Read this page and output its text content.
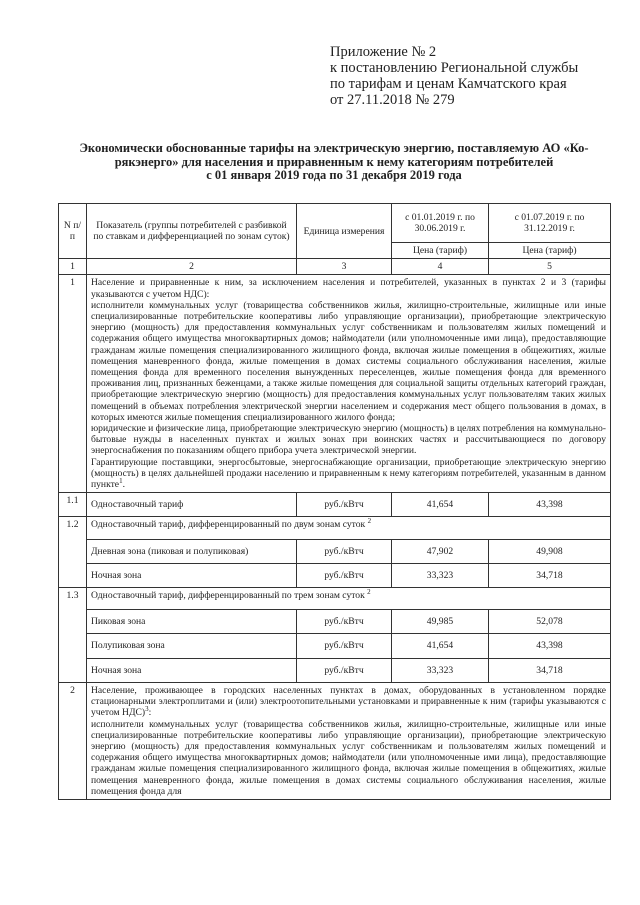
Приложение № 2
к постановлению Региональной службы
по тарифам и ценам Камчатского края
от 27.11.2018 № 279
Экономически обоснованные тарифы на электрическую энергию, поставляемую АО «Ко-
рякэнерго» для населения и приравненным к нему категориям потребителей
с 01 января 2019 года по 31 декабря 2019 года
N п/п	Показатель (группы потребителей с разбивкой по ставкам и дифференциацией по зонам суток)	Единица измерения	с 01.01.2019 г. по 30.06.2019 г.	с 01.07.2019 г. по 31.12.2019 г.
			Цена (тариф)	Цена (тариф)
1	2	3	4	5
1	Население и приравненные к ним, за исключением населения и потребителей, указанных в пунктах 2 и 3 (тарифы указываются с учетом НДС):

исполнители коммунальных услуг (товарищества собственников жилья, жилищно-строительные, жилищные или иные специализированные потребительские кооперативы либо управляющие организации), приобретающие электрическую энергию (мощность) для предоставления коммунальных услуг собственникам и пользователям жилых помещений и содержания общего имущества многоквартирных домов; наймодатели (или уполномоченные ими лица), предоставляющие гражданам жилые помещения специализированного жилищного фонда, включая жилые помещения в общежитиях, жилые помещения маневренного фонда, жилые помещения в домах системы социального обслуживания населения, жилые помещения фонда для временного поселения вынужденных переселенцев, жилые помещения фонда для временного проживания лиц, признанных беженцами, а также жилые помещения для социальной защиты отдельных категорий граждан, приобретающие электрическую энергию (мощность) для предоставления коммунальных услуг пользователям таких жилых помещений в объемах потребления электрической энергии населением и содержания мест общего пользования в домах, в которых имеются жилые помещения специализированного жилого фонда;

юридические и физические лица, приобретающие электрическую энергию (мощность) в целях потребления на коммунально-бытовые нужды в населенных пунктах и жилых зонах при воинских частях и рассчитывающиеся по договору энергоснабжения по показаниям общего прибора учета электрической энергии.

Гарантирующие поставщики, энергосбытовые, энергоснабжающие организации, приобретающие электрическую энергию (мощность) в целях дальнейшей продажи населению и приравненным к нему категориям потребителей, указанным в данном пункте$^1$.			

1.1	Одноставочный тариф	руб./кВтч	41,654	43,398
1.2	Одноставочный тариф, дифференцированный по двум зонам суток $^2$
	Дневная зона (пиковая и полупиковая)	руб./кВтч	47,902	49,908
	Ночная зона	руб./кВтч	33,323	34,718
1.3	Одноставочный тариф, дифференцированный по трем зонам суток $^2$
	Пиковая зона	руб./кВтч	49,985	52,078
	Полупиковая зона	руб./кВтч	41,654	43,398
	Ночная зона	руб./кВтч	33,323	34,718
2	Население, проживающее в городских населенных пунктах в домах, оборудованных в установленном порядке стационарными электроплитами и (или) электроотопительными установками и приравненные к ним (тарифы указываются с учетом НДС)$^3$:

исполнители коммунальных услуг (товарищества собственников жилья, жилищно-строительные, жилищные или иные специализированные потребительские кооперативы либо управляющие организации), приобретающие электрическую энергию (мощность) для предоставления коммунальных услуг собственникам и пользователям жилых помещений и содержания общего имущества многоквартирных домов; наймодатели (или уполномоченные ими лица), предоставляющие гражданам жилые помещения специализированного жилищного фонда, включая жилые помещения в общежитиях, жилые помещения маневренного фонда, жилые помещения в домах системы социального обслуживания населения, жилые помещения фонда для			
